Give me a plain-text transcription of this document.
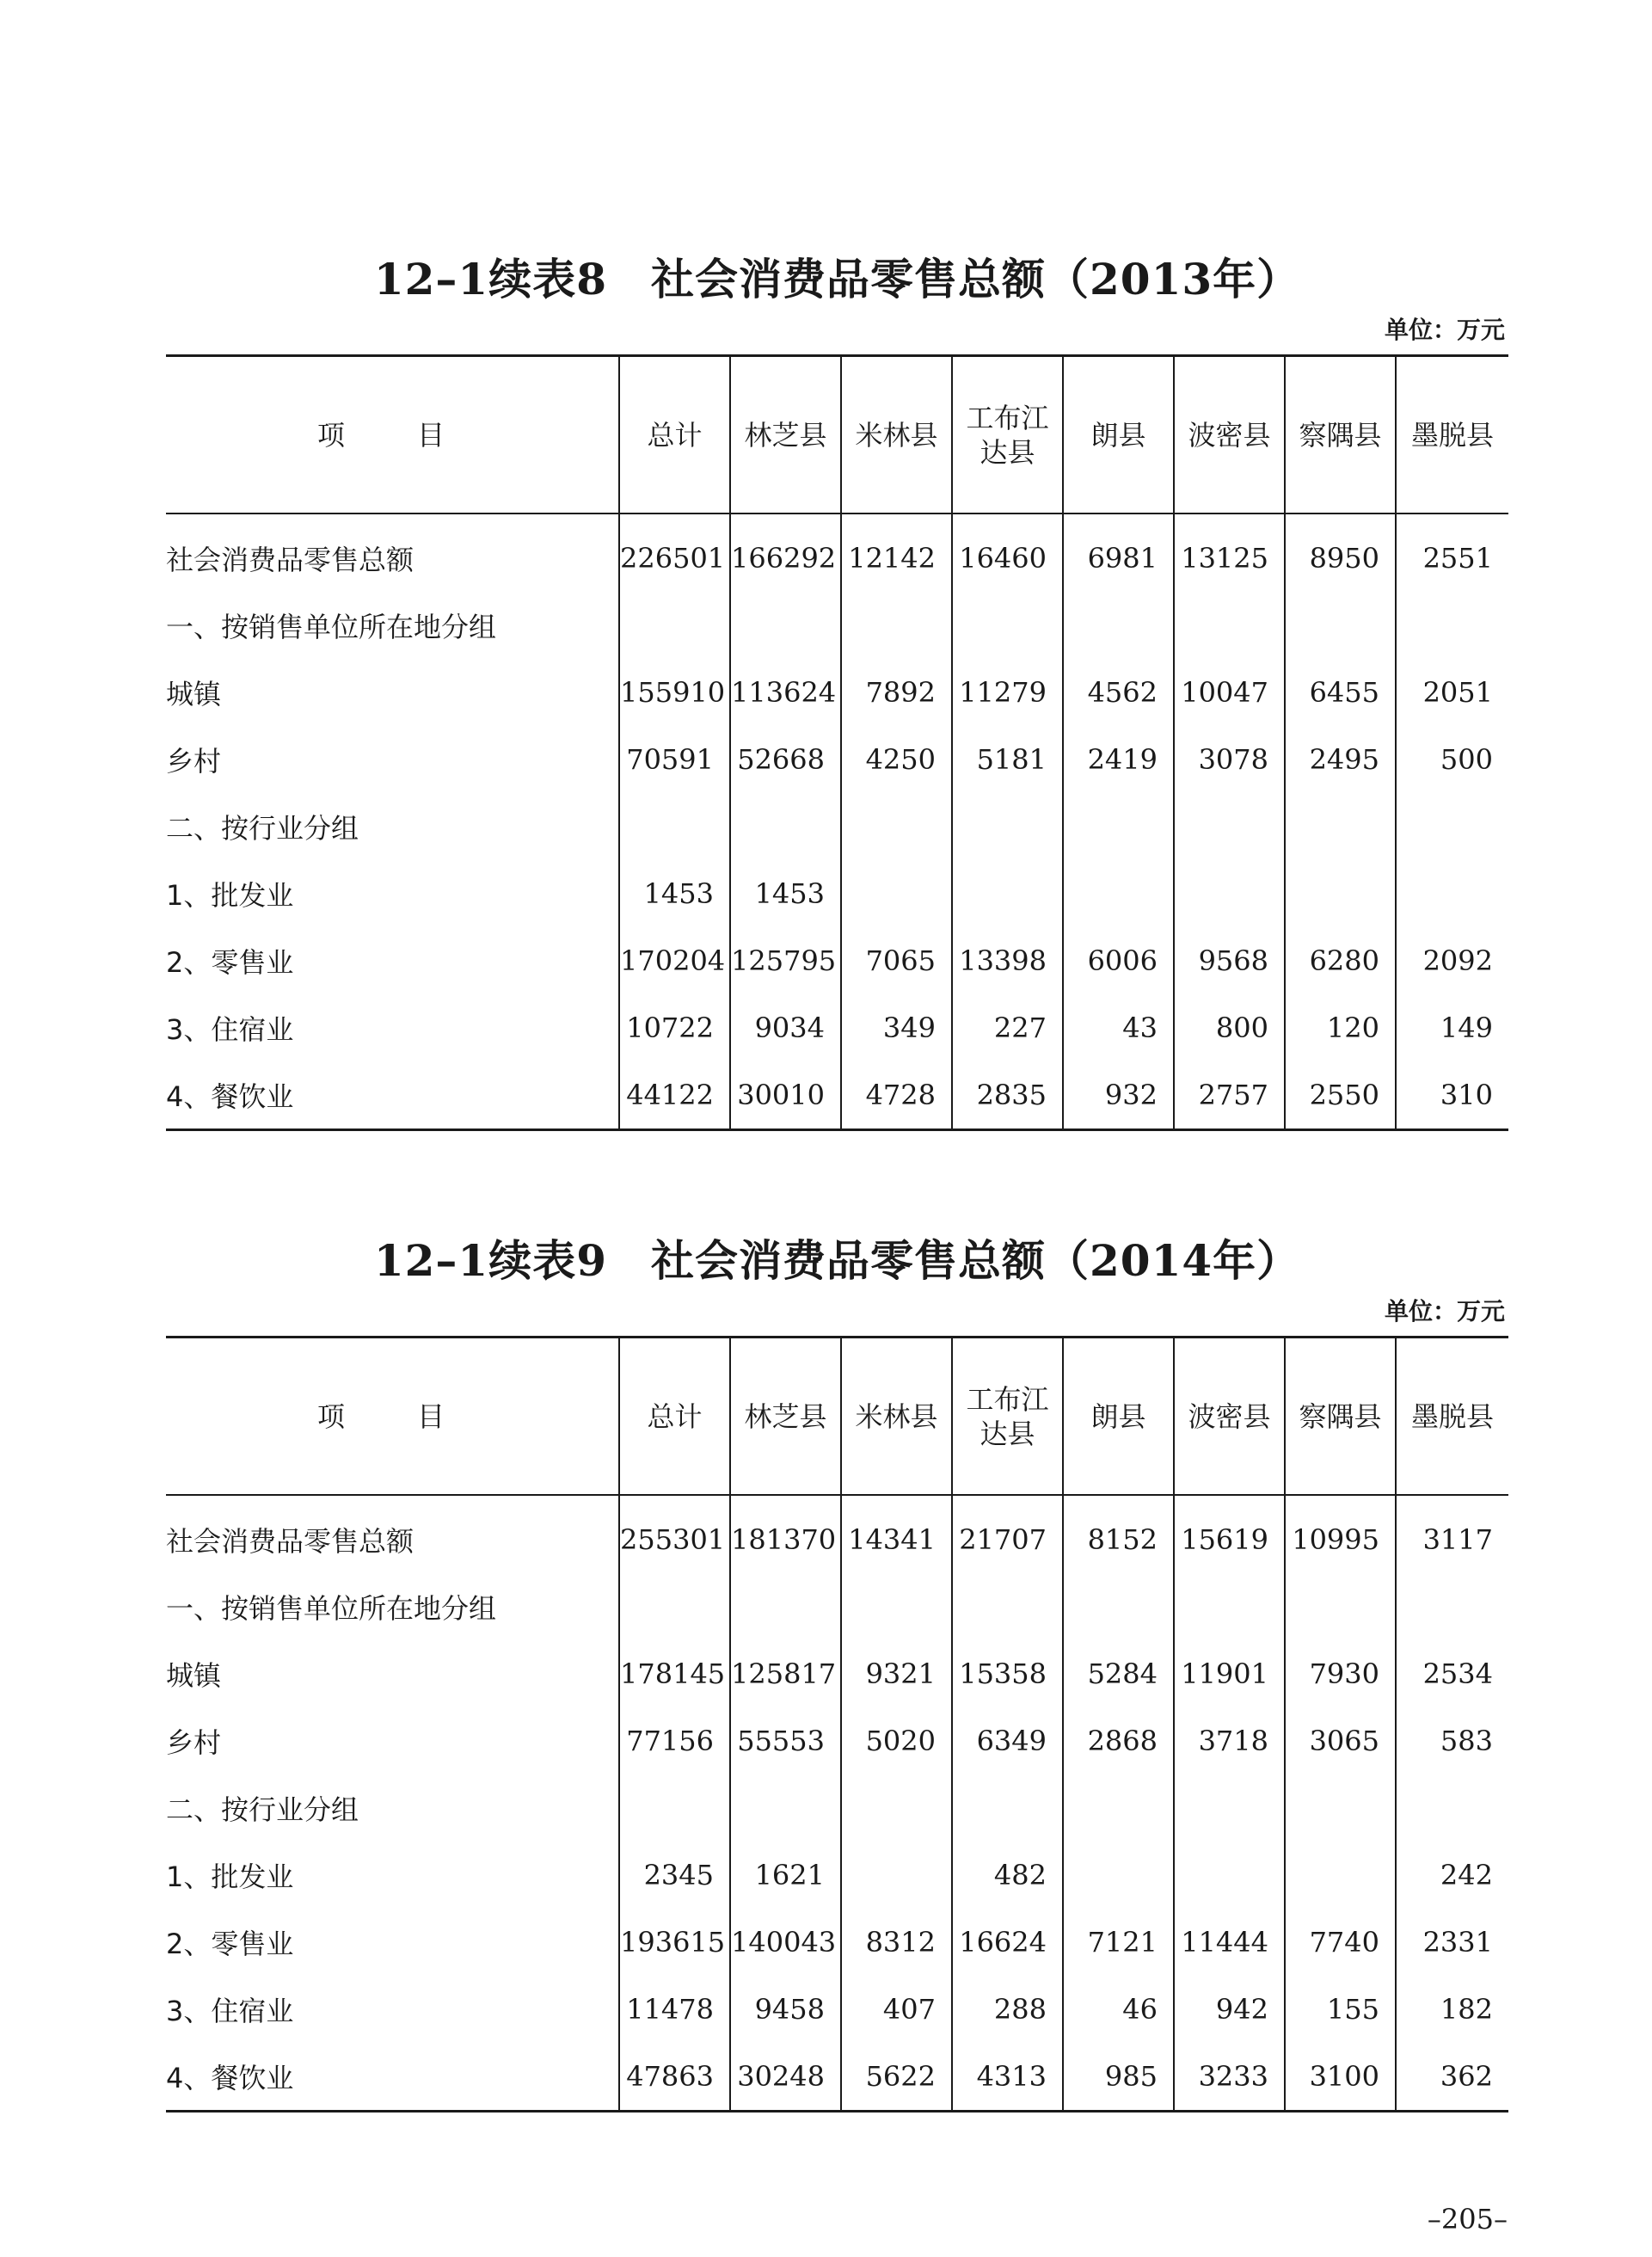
12–1续表8　社会消费品零售总额（2013年）
单位：万元
项　目	总计	林芝县	米林县	工布江达县	朗县	波密县	察隅县	墨脱县
社会消费品零售总额	226501	166292	12142	16460	6981	13125	8950	2551
一、按销售单位所在地分组								
城镇	155910	113624	7892	11279	4562	10047	6455	2051
乡村	70591	52668	4250	5181	2419	3078	2495	500
二、按行业分组								
1、批发业	1453	1453						
2、零售业	170204	125795	7065	13398	6006	9568	6280	2092
3、住宿业	10722	9034	349	227	43	800	120	149
4、餐饮业	44122	30010	4728	2835	932	2757	2550	310
12–1续表9　社会消费品零售总额（2014年）
单位：万元
项　目	总计	林芝县	米林县	工布江达县	朗县	波密县	察隅县	墨脱县
社会消费品零售总额	255301	181370	14341	21707	8152	15619	10995	3117
一、按销售单位所在地分组								
城镇	178145	125817	9321	15358	5284	11901	7930	2534
乡村	77156	55553	5020	6349	2868	3718	3065	583
二、按行业分组								
1、批发业	2345	1621		482				242
2、零售业	193615	140043	8312	16624	7121	11444	7740	2331
3、住宿业	11478	9458	407	288	46	942	155	182
4、餐饮业	47863	30248	5622	4313	985	3233	3100	362
–205–
